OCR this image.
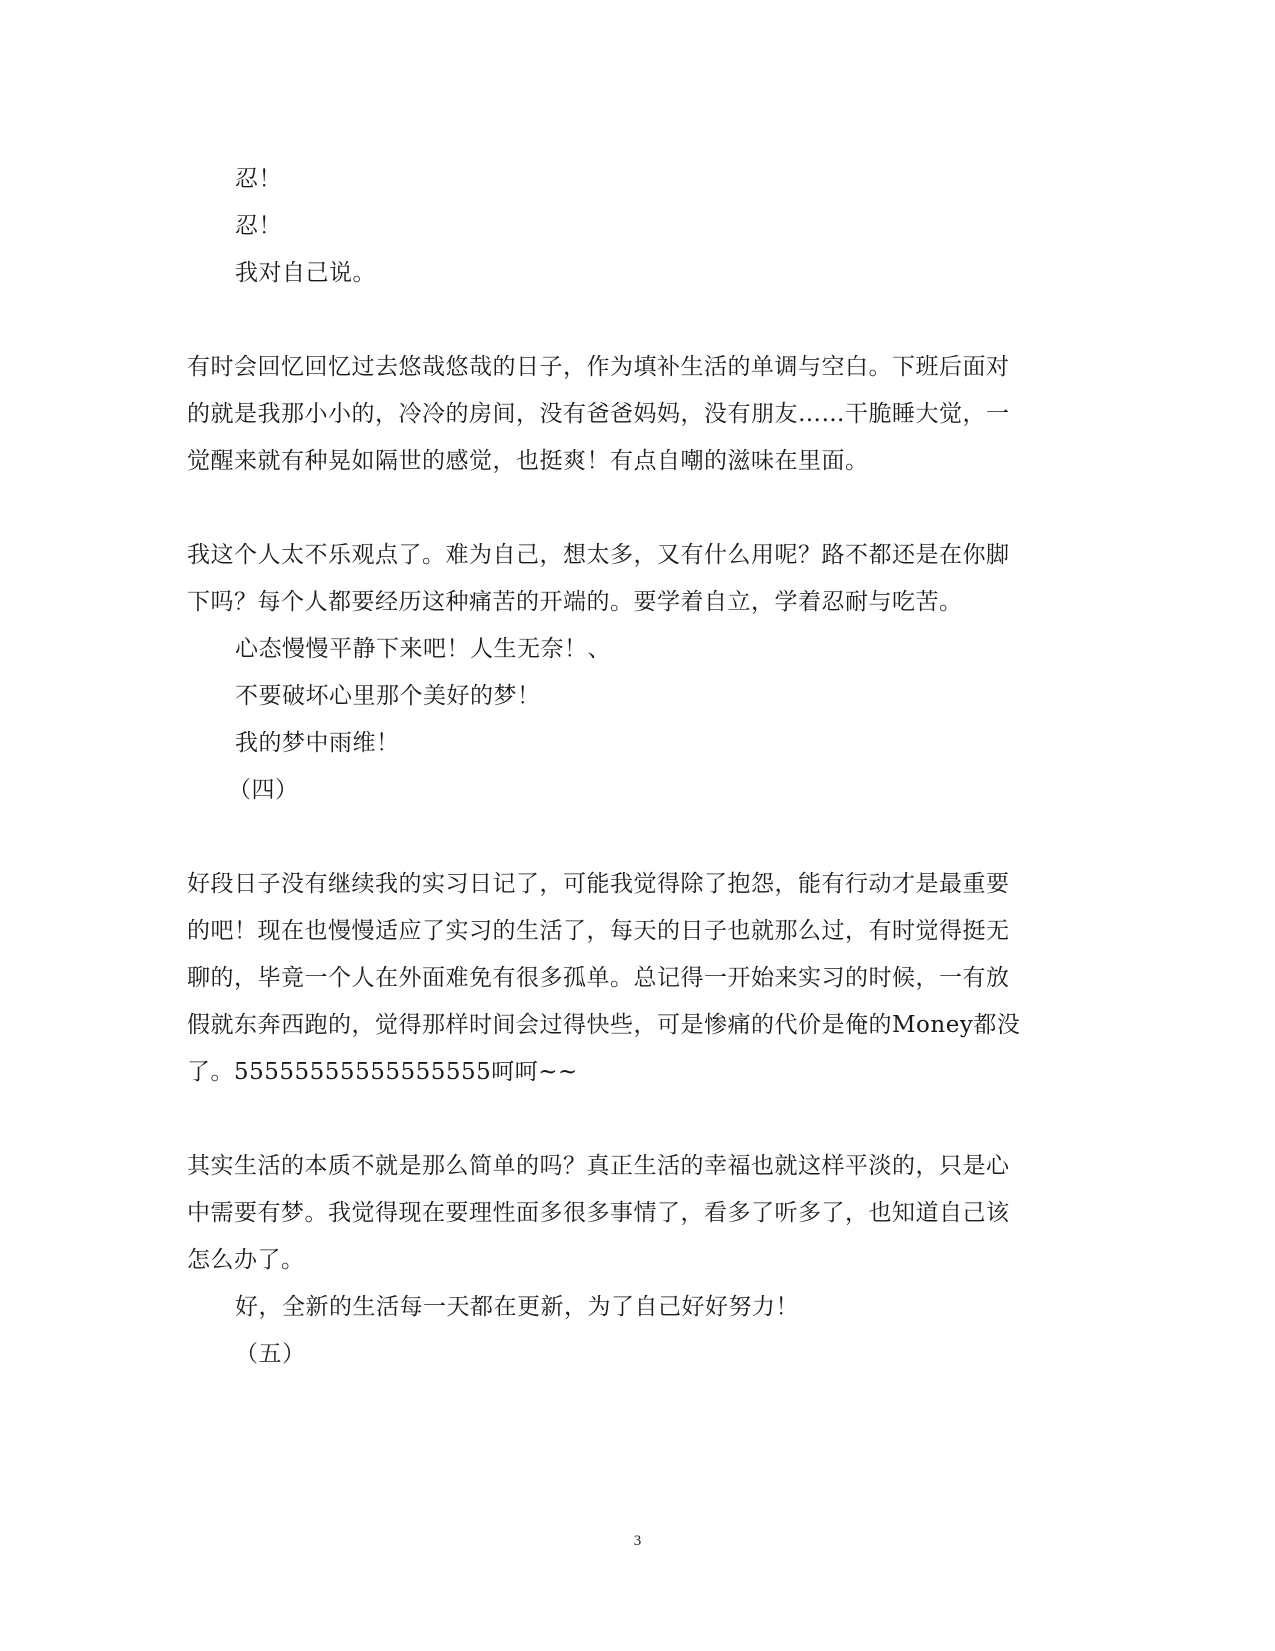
忍！
忍！
我对自己说。
有时会回忆回忆过去悠哉悠哉的日子，作为填补生活的单调与空白。下班后面对
的就是我那小小的，冷冷的房间，没有爸爸妈妈，没有朋友……干脆睡大觉，一
觉醒来就有种晃如隔世的感觉，也挺爽！有点自嘲的滋味在里面。
我这个人太不乐观点了。难为自己，想太多，又有什么用呢？路不都还是在你脚
下吗？每个人都要经历这种痛苦的开端的。要学着自立，学着忍耐与吃苦。
心态慢慢平静下来吧！人生无奈！、
不要破坏心里那个美好的梦！
我的梦中雨维！
（四）
好段日子没有继续我的实习日记了，可能我觉得除了抱怨，能有行动才是最重要
的吧！现在也慢慢适应了实习的生活了，每天的日子也就那么过，有时觉得挺无
聊的，毕竟一个人在外面难免有很多孤单。总记得一开始来实习的时候，一有放
假就东奔西跑的，觉得那样时间会过得快些，可是惨痛的代价是俺的Money都没
了。55555555555555555呵呵~~
其实生活的本质不就是那么简单的吗？真正生活的幸福也就这样平淡的，只是心
中需要有梦。我觉得现在要理性面多很多事情了，看多了听多了，也知道自己该
怎么办了。
好，全新的生活每一天都在更新，为了自己好好努力！
（五）
3
